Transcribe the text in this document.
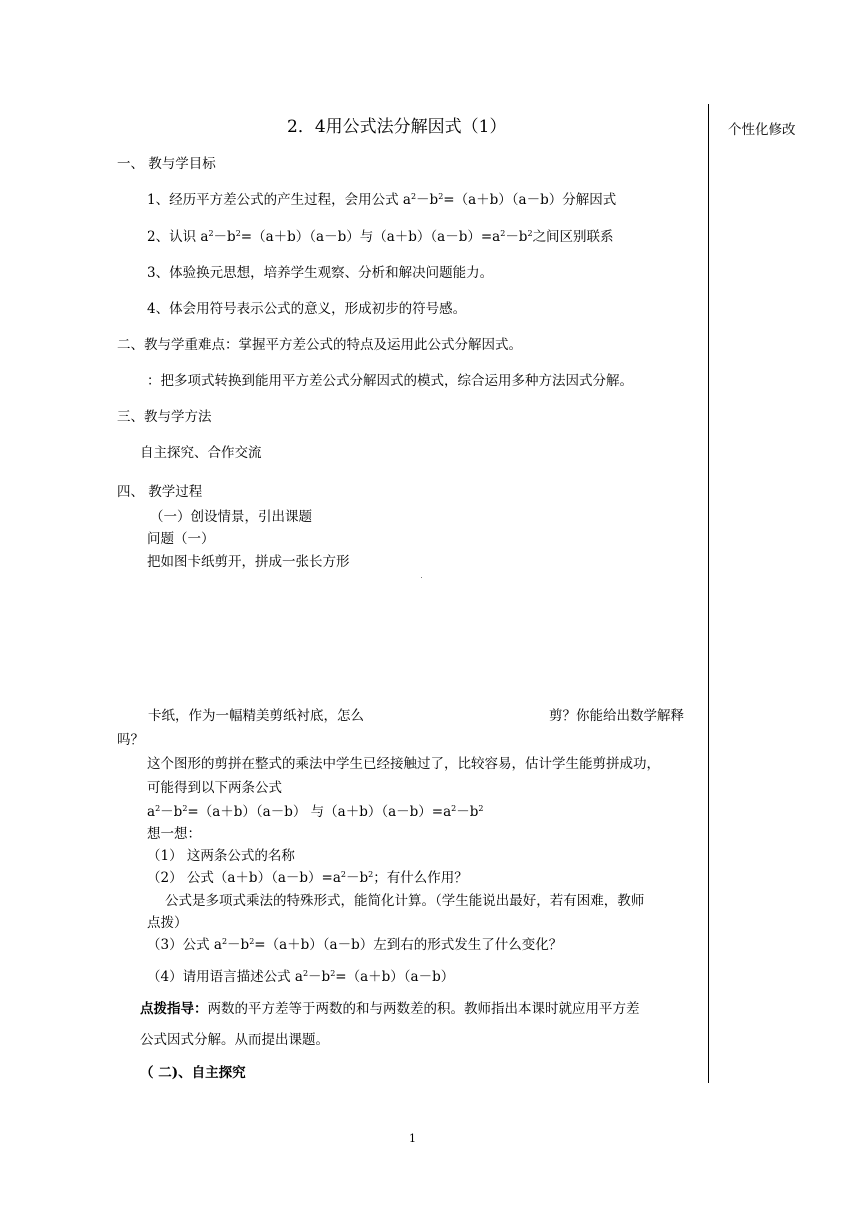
2．4用公式法分解因式（1）	个性化修改
一、 教与学目标
1、经历平方差公式的产生过程，会用公式 $a^2-b^2=(a+b)(a-b)$分解因式
2、认识 $a^2-b^2=(a+b)(a-b)$与$(a+b)(a-b)=a^2-b^2$之间区别联系
3、体验换元思想，培养学生观察、分析和解决问题能力。
4、体会用符号表示公式的意义，形成初步的符号感。
二、教与学重难点：掌握平方差公式的特点及运用此公式分解因式。
：把多项式转换到能用平方差公式分解因式的模式，综合运用多种方法因式分解。
三、教与学方法
自主探究、合作交流
四、 教学过程
（一）创设情景，引出课题
问题（一）
把如图卡纸剪开，拼成一张长方形
卡纸，作为一幅精美剪纸衬底，怎么	剪？你能给出数学解释
吗？
这个图形的剪拼在整式的乘法中学生已经接触过了，比较容易，估计学生能剪拼成功，
可能得到以下两条公式
$a^2-b^2=(a+b)(a-b)$ 与$(a+b)(a-b)=a^2-b^2$
想一想：
（1） 这两条公式的名称
（2） 公式$(a+b)(a-b)=a^2-b^2$；有什么作用？
公式是多项式乘法的特殊形式，能简化计算。（学生能说出最好，若有困难，教师
点拨）
（3）公式 $a^2-b^2=(a+b)(a-b)$左到右的形式发生了什么变化？
（4）请用语言描述公式 $a^2-b^2=(a+b)(a-b)$
点拨指导：两数的平方差等于两数的和与两数差的积。教师指出本课时就应用平方差
公式因式分解。从而提出课题。
（ 二)、自主探究
1
